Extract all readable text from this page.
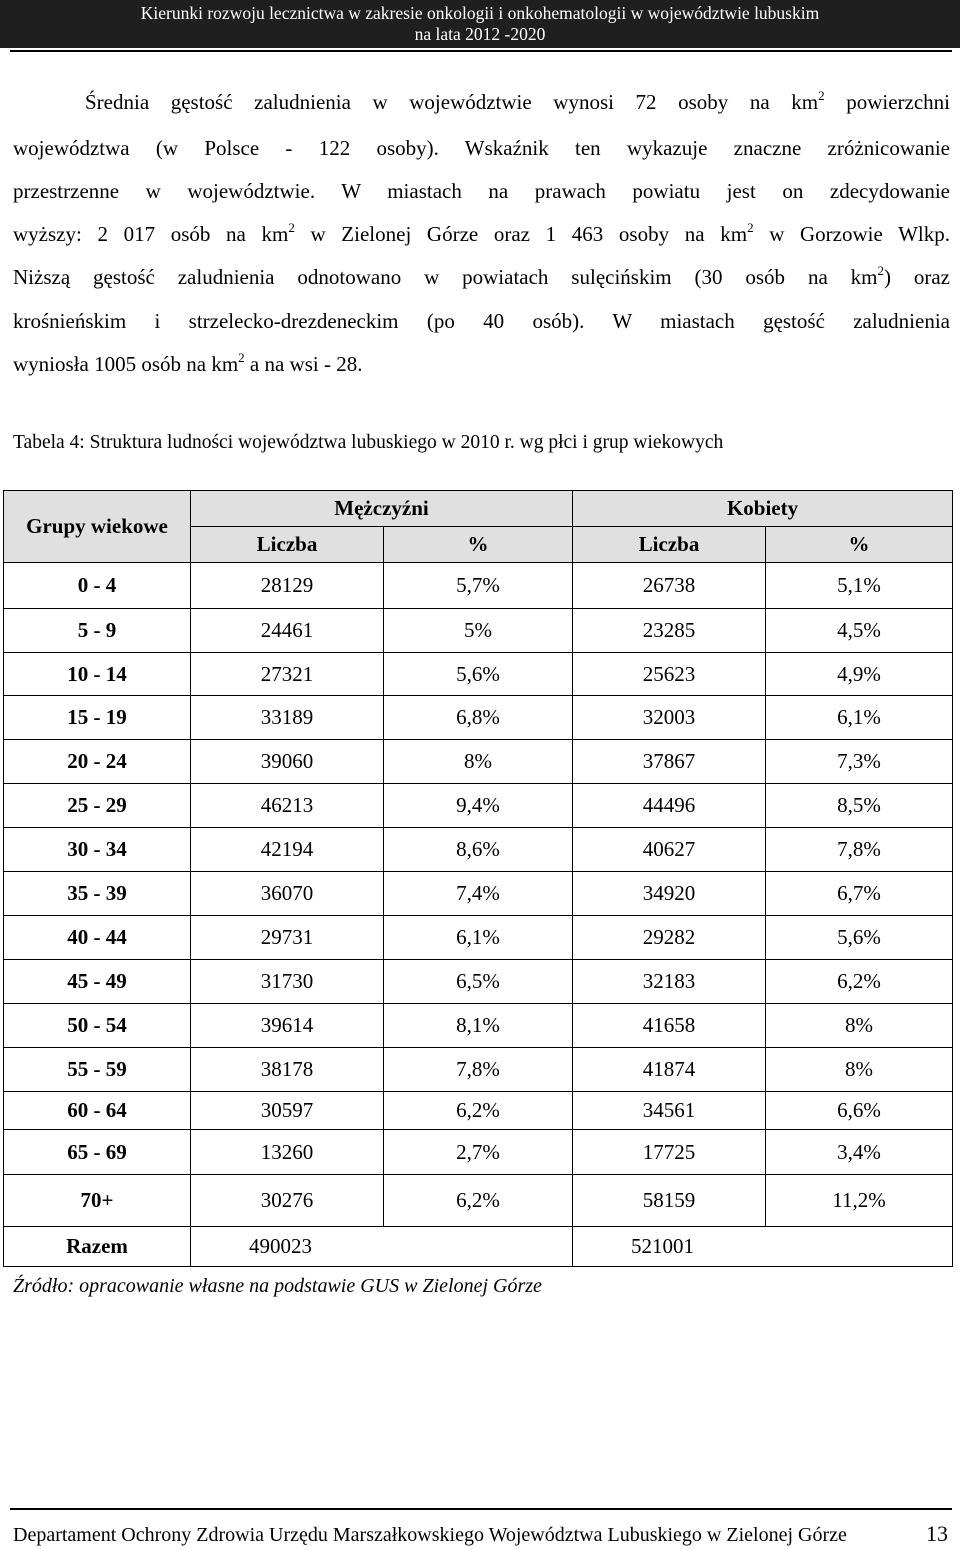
Kierunki rozwoju lecznictwa w zakresie onkologii i onkohematologii w województwie lubuskim
na lata 2012 -2020
Średnia gęstość zaludnienia w województwie wynosi 72 osoby na $km^2$ powierzchni
województwa (w Polsce - 122 osoby). Wskaźnik ten wykazuje znaczne zróżnicowanie
przestrzenne w województwie. W miastach na prawach powiatu jest on zdecydowanie
wyższy: 2 017 osób na $km^2$ w Zielonej Górze oraz 1 463 osoby na $km^2$ w Gorzowie Wlkp.
Niższą gęstość zaludnienia odnotowano w powiatach sulęcińskim (30 osób na $km^2$) oraz
krośnieńskim i strzelecko-drezdeneckim (po 40 osób). W miastach gęstość zaludnienia
wyniosła 1005 osób na $km^2$ a na wsi - 28.
Tabela 4: Struktura ludności województwa lubuskiego w 2010 r. wg płci i grup wiekowych
Grupy wiekowe	Mężczyźni		Kobiety	
	Liczba	%	Liczba	%
0 - 4	28129	5,7%	26738	5,1%
5 - 9	24461	5%	23285	4,5%
10 - 14	27321	5,6%	25623	4,9%
15 - 19	33189	6,8%	32003	6,1%
20 - 24	39060	8%	37867	7,3%
25 - 29	46213	9,4%	44496	8,5%
30 - 34	42194	8,6%	40627	7,8%
35 - 39	36070	7,4%	34920	6,7%
40 - 44	29731	6,1%	29282	5,6%
45 - 49	31730	6,5%	32183	6,2%
50 - 54	39614	8,1%	41658	8%
55 - 59	38178	7,8%	41874	8%
60 - 64	30597	6,2%	34561	6,6%
65 - 69	13260	2,7%	17725	3,4%
70+	30276	6,2%	58159	11,2%
Razem	490023		521001	
Źródło: opracowanie własne na podstawie GUS w Zielonej Górze
Departament Ochrony Zdrowia Urzędu Marszałkowskiego Województwa Lubuskiego w Zielonej Górze	13
